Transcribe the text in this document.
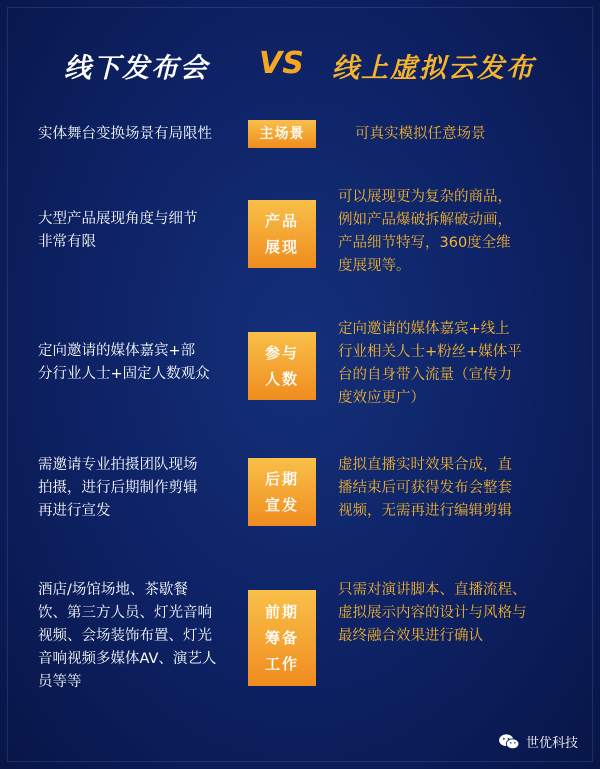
线下发布会 VS 线上虚拟云发布
实体舞台变换场景有局限性	主场景	可真实模拟任意场景
大型产品展现角度与细节
非常有限
产品
展现
可以展现更为复杂的商品，
例如产品爆破拆解破动画，
产品细节特写，360度全维
度展现等。
定向邀请的媒体嘉宾+部
分行业人士+固定人数观众
参与
人数
定向邀请的媒体嘉宾+线上
行业相关人士+粉丝+媒体平
台的自身带入流量（宣传力
度效应更广）
需邀请专业拍摄团队现场
拍摄，进行后期制作剪辑
再进行宣发
后期
宣发
虚拟直播实时效果合成，直
播结束后可获得发布会整套
视频，无需再进行编辑剪辑
酒店/场馆场地、茶歇餐
饮、第三方人员、灯光音响
视频、会场装饰布置、灯光
音响视频多媒体AV、演艺人
员等等
前期
筹备
工作
只需对演讲脚本、直播流程、
虚拟展示内容的设计与风格与
最终融合效果进行确认
世优科技
